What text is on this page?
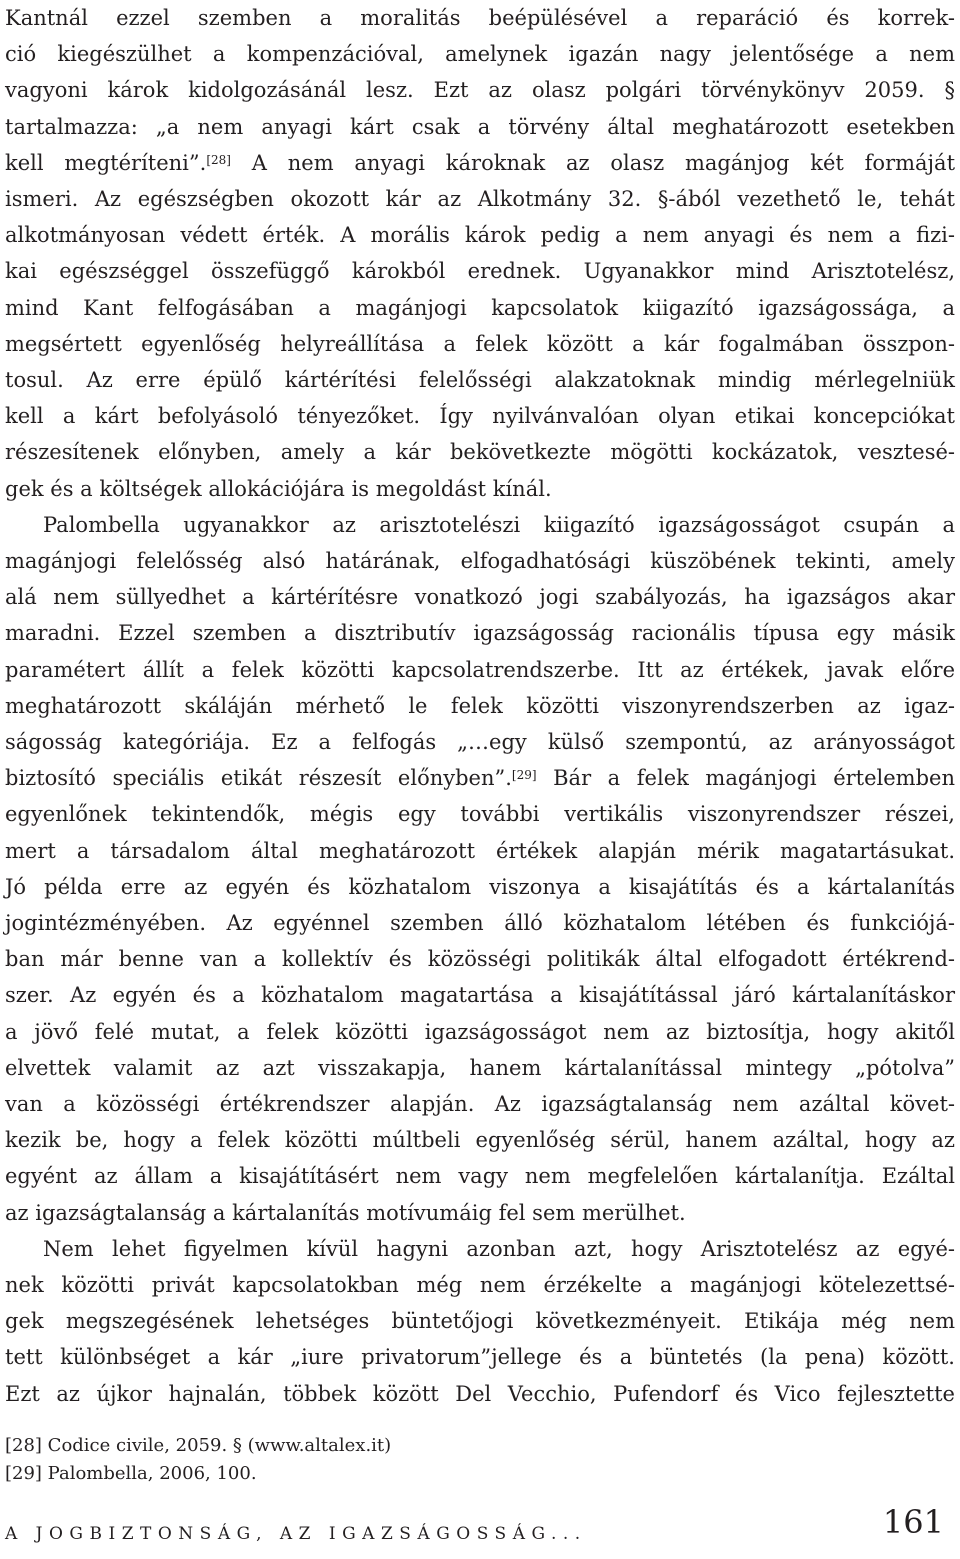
Kantnál ezzel szemben a moralitás beépülésével a reparáció és korrek-
ció kiegészülhet a kompenzációval, amelynek igazán nagy jelentősége a nem
vagyoni károk kidolgozásánál lesz. Ezt az olasz polgári törvénykönyv 2059. §
tartalmazza: „a nem anyagi kárt csak a törvény által meghatározott esetekben
kell megtéríteni”.[28] A nem anyagi károknak az olasz magánjog két formáját
ismeri. Az egészségben okozott kár az Alkotmány 32. §-ából vezethető le, tehát
alkotmányosan védett érték. A morális károk pedig a nem anyagi és nem a fizi-
kai egészséggel összefüggő károkból erednek. Ugyanakkor mind Arisztotelész,
mind Kant felfogásában a magánjogi kapcsolatok kiigazító igazságossága, a
megsértett egyenlőség helyreállítása a felek között a kár fogalmában összpon-
tosul. Az erre épülő kártérítési felelősségi alakzatoknak mindig mérlegelniük
kell a kárt befolyásoló tényezőket. Így nyilvánvalóan olyan etikai koncepciókat
részesítenek előnyben, amely a kár bekövetkezte mögötti kockázatok, vesztesé-
gek és a költségek allokációjára is megoldást kínál.
Palombella ugyanakkor az arisztotelészi kiigazító igazságosságot csupán a
magánjogi felelősség alsó határának, elfogadhatósági küszöbének tekinti, amely
alá nem süllyedhet a kártérítésre vonatkozó jogi szabályozás, ha igazságos akar
maradni. Ezzel szemben a disztributív igazságosság racionális típusa egy másik
paramétert állít a felek közötti kapcsolatrendszerbe. Itt az értékek, javak előre
meghatározott skáláján mérhető le felek közötti viszonyrendszerben az igaz-
ságosság kategóriája. Ez a felfogás „…egy külső szempontú, az arányosságot
biztosító speciális etikát részesít előnyben”.[29] Bár a felek magánjogi értelemben
egyenlőnek tekintendők, mégis egy további vertikális viszonyrendszer részei,
mert a társadalom által meghatározott értékek alapján mérik magatartásukat.
Jó példa erre az egyén és közhatalom viszonya a kisajátítás és a kártalanítás
jogintézményében. Az egyénnel szemben álló közhatalom létében és funkciójá-
ban már benne van a kollektív és közösségi politikák által elfogadott értékrend-
szer. Az egyén és a közhatalom magatartása a kisajátítással járó kártalanításkor
a jövő felé mutat, a felek közötti igazságosságot nem az biztosítja, hogy akitől
elvettek valamit az azt visszakapja, hanem kártalanítással mintegy „pótolva”
van a közösségi értékrendszer alapján. Az igazságtalanság nem azáltal követ-
kezik be, hogy a felek közötti múltbeli egyenlőség sérül, hanem azáltal, hogy az
egyént az állam a kisajátításért nem vagy nem megfelelően kártalanítja. Ezáltal
az igazságtalanság a kártalanítás motívumáig fel sem merülhet.
Nem lehet figyelmen kívül hagyni azonban azt, hogy Arisztotelész az egyé-
nek közötti privát kapcsolatokban még nem érzékelte a magánjogi kötelezettsé-
gek megszegésének lehetséges büntetőjogi következményeit. Etikája még nem
tett különbséget a kár „iure privatorum”jellege és a büntetés (la pena) között.
Ezt az újkor hajnalán, többek között Del Vecchio, Pufendorf és Vico fejlesztette
[28] Codice civile, 2059. § (www.altalex.it)
[29] Palombella, 2006, 100.
A JOGBIZTONSÁG, AZ IGAZSÁGOSSÁG...	161
